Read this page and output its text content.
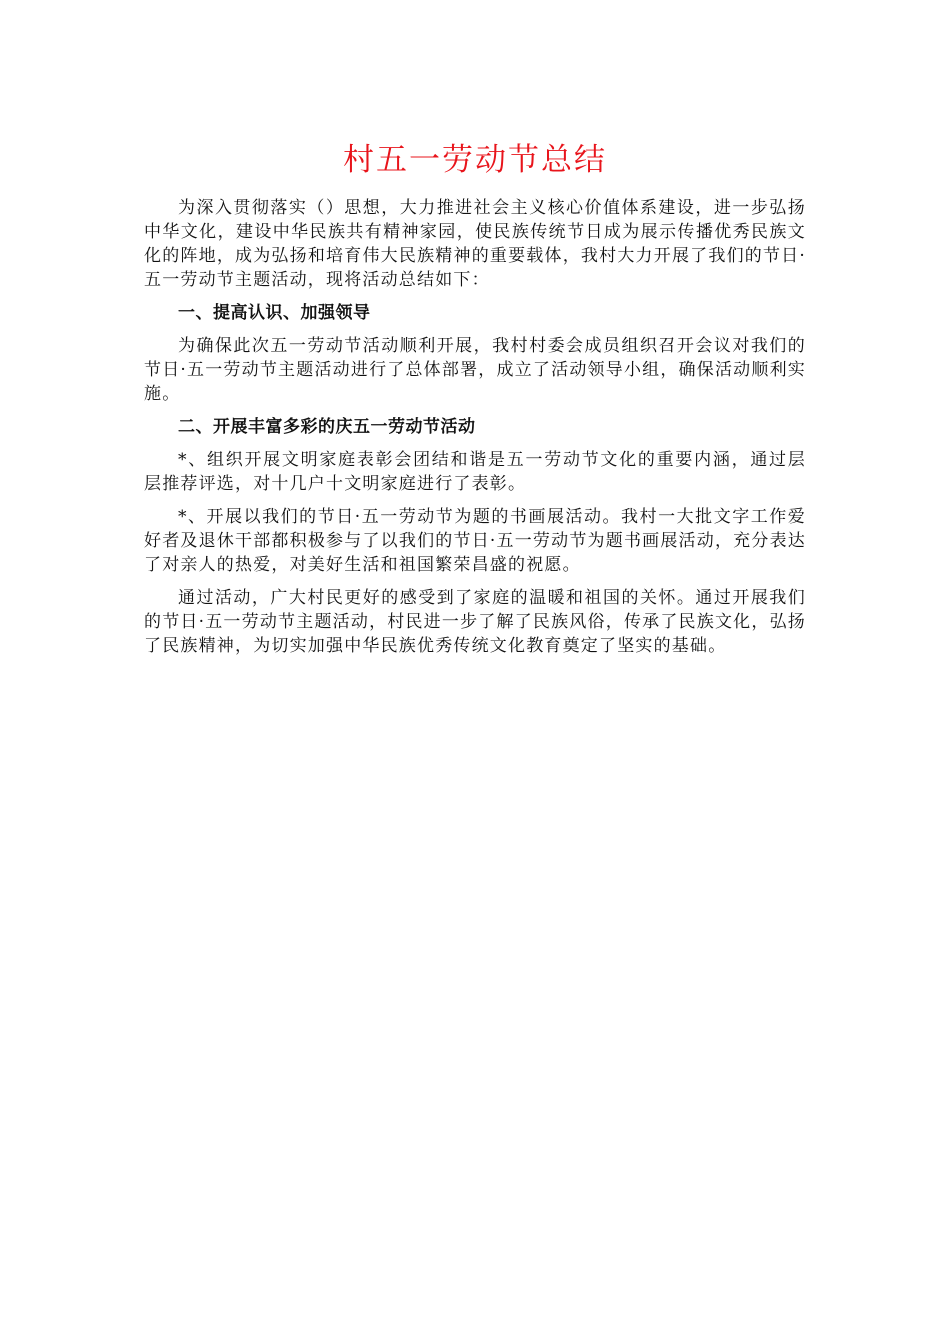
村五一劳动节总结

为深入贯彻落实（）思想，大力推进社会主义核心价值体系建设，进一步弘扬中华文化，建设中华民族共有精神家园，使民族传统节日成为展示传播优秀民族文化的阵地，成为弘扬和培育伟大民族精神的重要载体，我村大力开展了我们的节日·五一劳动节主题活动，现将活动总结如下：

一、提高认识、加强领导

为确保此次五一劳动节活动顺利开展，我村村委会成员组织召开会议对我们的节日·五一劳动节主题活动进行了总体部署，成立了活动领导小组，确保活动顺利实施。

二、开展丰富多彩的庆五一劳动节活动

*、组织开展文明家庭表彰会团结和谐是五一劳动节文化的重要内涵，通过层层推荐评选，对十几户十文明家庭进行了表彰。

*、开展以我们的节日·五一劳动节为题的书画展活动。我村一大批文字工作爱好者及退休干部都积极参与了以我们的节日·五一劳动节为题书画展活动，充分表达了对亲人的热爱，对美好生活和祖国繁荣昌盛的祝愿。

通过活动，广大村民更好的感受到了家庭的温暖和祖国的关怀。通过开展我们的节日·五一劳动节主题活动，村民进一步了解了民族风俗，传承了民族文化，弘扬了民族精神，为切实加强中华民族优秀传统文化教育奠定了坚实的基础。
